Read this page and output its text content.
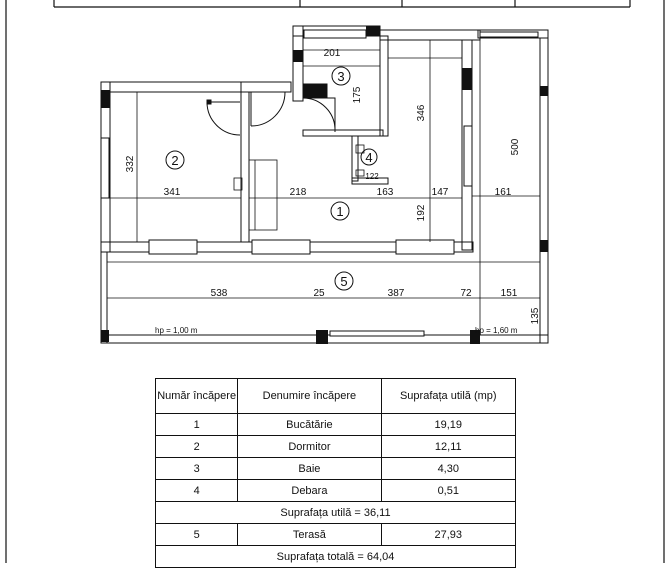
1
2
3
4
5
201
175
346
500
332
341	218	163	147	161
192
122
538	25	387	72	151
135
hp = 1,00 m	hp = 1,60 m
Număr încăpere	Denumire încăpere	Suprafața utilă (mp)
1	Bucătărie	19,19
2	Dormitor	12,11
3	Baie	4,30
4	Debara	0,51
Suprafața utilă = 36,11		
5	Terasă	27,93
Suprafața totală = 64,04		
